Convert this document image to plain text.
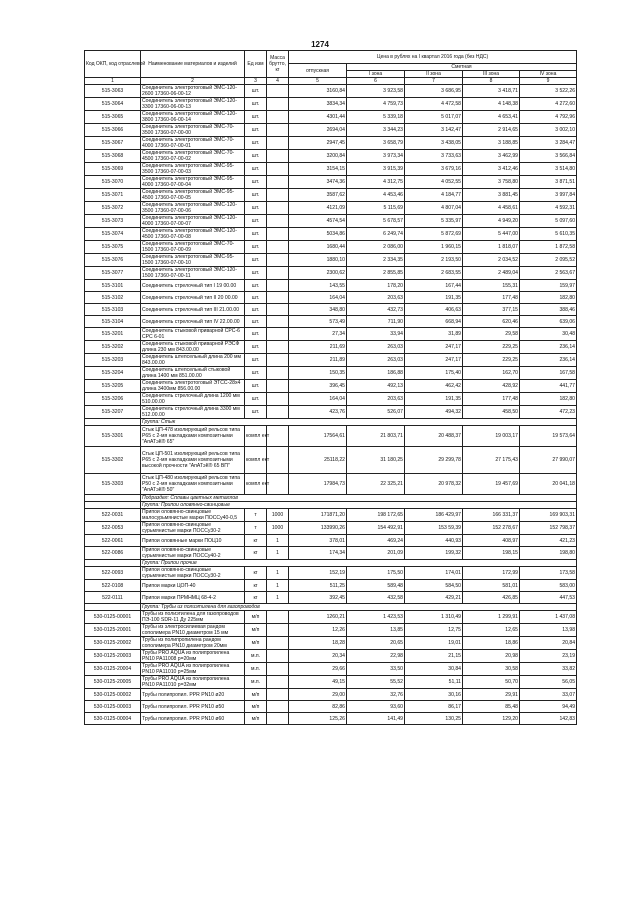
1274
Код ОКП, код отраслевой	Наименование материалов и изделий	Ед изм	Масса брутто, кг	Цена в рублях на I квартал 2016 года (без НДС)				
				отпускная	Сметная			
					I зона	II зона	III зона	IV зона
1	2	3	4	5	6	7	8	9
515-3063	Соединитель электротоговый ЭМС-120-2600 17360-06-00-12	шт.		3160,84	3 923,58	3 686,95	3 418,71	3 522,26
515-3064	Соединитель электротоговый ЭМС-120-3300 17360-06-00-13	шт.		3834,34	4 759,73	4 472,58	4 148,38	4 272,60
515-3065	Соединитель электротоговый ЭМС-120-3800 17360-06-00-14	шт.		4301,44	5 339,18	5 017,07	4 653,41	4 792,96
515-3066	Соединитель электротоговый ЭМС-70-3500 17360-07-00-00	шт.		2694,04	3 344,23	3 142,47	2 914,65	3 002,10
515-3067	Соединитель электротоговый ЭМС-70-4000 17360-07-00-01	шт.		2947,45	3 658,79	3 438,05	3 188,85	3 284,47
515-3068	Соединитель электротоговый ЭМС-70-4500 17360-07-00-02	шт.		3200,84	3 973,34	3 733,63	3 462,99	3 566,84
515-3069	Соединитель электротоговый ЭМС-95-3500 17360-07-00-03	шт.		3154,15	3 915,39	3 679,16	3 412,46	3 514,80
515-3070	Соединитель электротоговый ЭМС-95-4000 17360-07-00-04	шт.		3474,36	4 312,75	4 052,55	3 758,80	3 871,51
515-3071	Соединитель электротоговый ЭМС-95-4500 17360-07-00-05	шт.		3587,62	4 453,46	4 184,77	3 881,45	3 997,84
515-3072	Соединитель электротоговый ЭМС-120-3500 17360-07-00-06	шт.		4121,09	5 115,69	4 807,04	4 458,61	4 592,31
515-3073	Соединитель электротоговый ЭМС-120-4000 17360-07-00-07	шт.		4574,54	5 678,57	5 335,97	4 949,20	5 097,60
515-3074	Соединитель электротоговый ЭМС-120-4500 17360-07-00-08	шт.		5034,86	6 249,74	5 872,69	5 447,00	5 610,35
515-3075	Соединитель электротоговый ЭМС-70-1500 17360-07-00-09	шт.		1680,44	2 086,00	1 960,15	1 818,07	1 872,58
515-3076	Соединитель электротоговый ЭМС-95-1500 17360-07-00-10	шт.		1880,10	2 334,35	2 193,50	2 034,52	2 095,52
515-3077	Соединитель электротоговый ЭМС-120-1500 17360-07-00-11	шт.		2300,62	2 855,85	2 683,55	2 489,04	2 563,67
515-3101	Соединитель стрелочный тип I 19 00.00	шт.		143,55	178,20	167,44	155,31	159,97
515-3102	Соединитель стрелочный тип II 20 00.00	шт.		164,04	203,63	191,35	177,48	182,80
515-3103	Соединитель стрелочный тип III 21.00.00	шт.		348,80	432,73	406,63	377,15	388,46
515-3104	Соединитель стрелочный тип IV 22.00.00	шт.		573,49	711,90	668,94	620,46	639,06
515-3201	Соединитель стыковой приварной СРС-6 СРС 6-01	шт.		27,34	33,94	31,89	29,58	30,48
515-3202	Соединитель стыковой приварной РЭСФ длина 230 мм 843.00.00	шт.		211,69	263,03	247,17	229,25	236,14
515-3203	Соединитель штепсельный длина 200 мм 843.00.00	шт.		211,89	263,03	247,17	229,25	236,14
515-3204	Соединитель штепсельный стыковой длина 1400 мм 851.00.00	шт.		150,35	186,88	175,40	162,70	167,58
515-3205	Соединитель электротоговый ЭТСС-28х4 длина 3400мм 856.00.00	шт.		396,45	492,13	462,42	428,92	441,77
515-3206	Соединитель стрелочный длина 1200 мм 510.00.00	шт.		164,04	203,63	191,35	177,48	182,80
515-3207	Соединитель стрелочный длина 3300 мм 512.00.00	шт.		423,76	526,07	494,32	458,50	472,23
	Группа: Стык							
515-3301	Стык ЦП-478 изолирующий рельсов типа Р65 с 2-мя накладками композитными "АпАТэК® 65"	компл ект		17564,61	21 803,71	20 488,37	19 003,17	19 573,64
515-3302	Стык ЦП-501 изолирующий рельсов типа Р65 с 2-мя накладками композитными высокой прочности "АпАТэК® 65 ВП"	компл ект		25118,22	31 180,25	29 299,78	27 175,43	27 990,07
515-3303	Стык ЦП-480 изолирующий рельсов типа Р50 с 2-мя накладками композитными "АпАТэК® 50"	компл ект		17984,73	22 325,21	20 978,32	19 457,69	20 041,18
	Подраздел: Сплавы цветных металлов							
	Группа: Припои оловянно-свинцовые							
522-0031	Припои оловянно-свинцовые малосурьмянистые марки ПОССу40-0,5	т	1000	171871,20	198 172,65	186 429,97	166 331,37	169 903,31
522-0053	Припои оловянно-свинцовые сурьмянистые марки ПОССу30-2	т	1000	133990,26	154 492,91	153 59,39	152 278,67	152 798,37
522-0061	Припои оловянные марки ПОЦ10	кг	1	378,01	469,24	440,93	408,97	421,23
522-0086	Припои оловянно-свинцовые сурьмянистые марки ПОССу40-2	кг	1	174,34	201,09	199,32	198,15	198,80
	Группа: Припои прочие							
522-0093	Припои оловянно-свинцовые сурьмянистые марки ПОССу30-2	кг	1	152,19	175,50	174,01	172,99	173,58
522-0108	Припои марки ЦОП-40	кг	1	511,25	589,48	584,50	581,01	583,00
522-0111	Припои марки ПРМНМЦ 68-4-2	кг	1	392,45	432,58	429,21	426,85	447,53
	Группа: Трубы из полиэтилена для газопроводов							
530-0125-00001	Трубы из полиэтилена для газопроводов ПЭ-100 SDR-11 Ду 225мм	м/п		1260,21	1 423,53	1 310,49	1 299,91	1 437,08
530-0125-20001	Трубы из электросилиевая рандом сополимера PN10 диаметром 15 мм	м/п		12,26	13,85	12,75	12,65	13,98
530-0125-20002	Трубы из полипропилена рандом сополимера PN10 диаметром 20мм	м/п		18,28	20,65	19,01	18,86	20,84
530-0125-20003	Трубы PRO AQUA из полипропилена PN10 PA11008 р=20мм	м.п.		20,34	22,98	21,15	20,98	23,19
530-0125-20004	Трубы PRO AQUA из полипропилена PN10 PA11010 р=25мм	м.п.		29,66	33,50	30,84	30,58	33,82
530-0125-20005	Трубы PRO AQUA из полипропилена PN10 PA11010 р=32мм	м.п.		49,15	55,52	51,11	50,70	56,05
530-0125-00002	Трубы полипропил. PPR PN10 ø20	м/п		29,00	32,76	30,16	29,91	33,07
530-0125-00003	Трубы полипропил. PPR PN10 ø50	м/п		82,86	93,60	86,17	85,48	94,49
530-0125-00004	Трубы полипропил. PPR PN10 ø60	м/п		125,26	141,49	130,25	129,20	142,83
